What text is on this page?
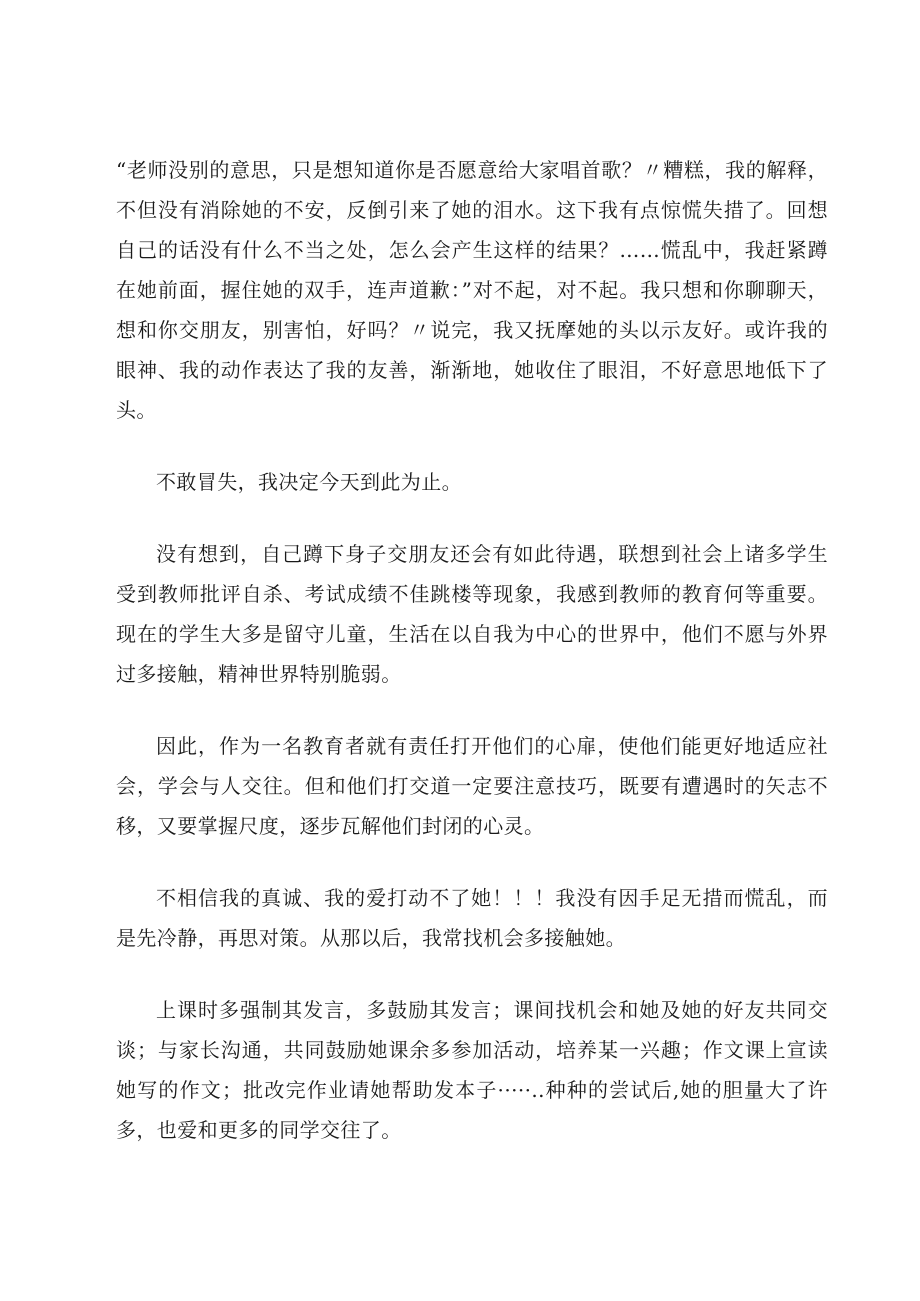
“老师没别的意思，只是想知道你是否愿意给大家唱首歌？〃糟糕，我的解释，不但没有消除她的不安，反倒引来了她的泪水。这下我有点惊慌失措了。回想自己的话没有什么不当之处，怎么会产生这样的结果？……慌乱中，我赶紧蹲在她前面，握住她的双手，连声道歉：”对不起，对不起。我只想和你聊聊天，想和你交朋友，别害怕，好吗？〃说完，我又抚摩她的头以示友好。或许我的眼神、我的动作表达了我的友善，渐渐地，她收住了眼泪，不好意思地低下了头。

不敢冒失，我决定今天到此为止。

没有想到，自己蹲下身子交朋友还会有如此待遇，联想到社会上诸多学生受到教师批评自杀、考试成绩不佳跳楼等现象，我感到教师的教育何等重要。现在的学生大多是留守儿童，生活在以自我为中心的世界中，他们不愿与外界过多接触，精神世界特别脆弱。

因此，作为一名教育者就有责任打开他们的心扉，使他们能更好地适应社会，学会与人交往。但和他们打交道一定要注意技巧，既要有遭遇时的矢志不移，又要掌握尺度，逐步瓦解他们封闭的心灵。

不相信我的真诚、我的爱打动不了她！！！我没有因手足无措而慌乱，而是先冷静，再思对策。从那以后，我常找机会多接触她。

上课时多强制其发言，多鼓励其发言；课间找机会和她及她的好友共同交谈；与家长沟通，共同鼓励她课余多参加活动，培养某一兴趣；作文课上宣读她写的作文；批改完作业请她帮助发本子·····..种种的尝试后,她的胆量大了许多，也爱和更多的同学交往了。
